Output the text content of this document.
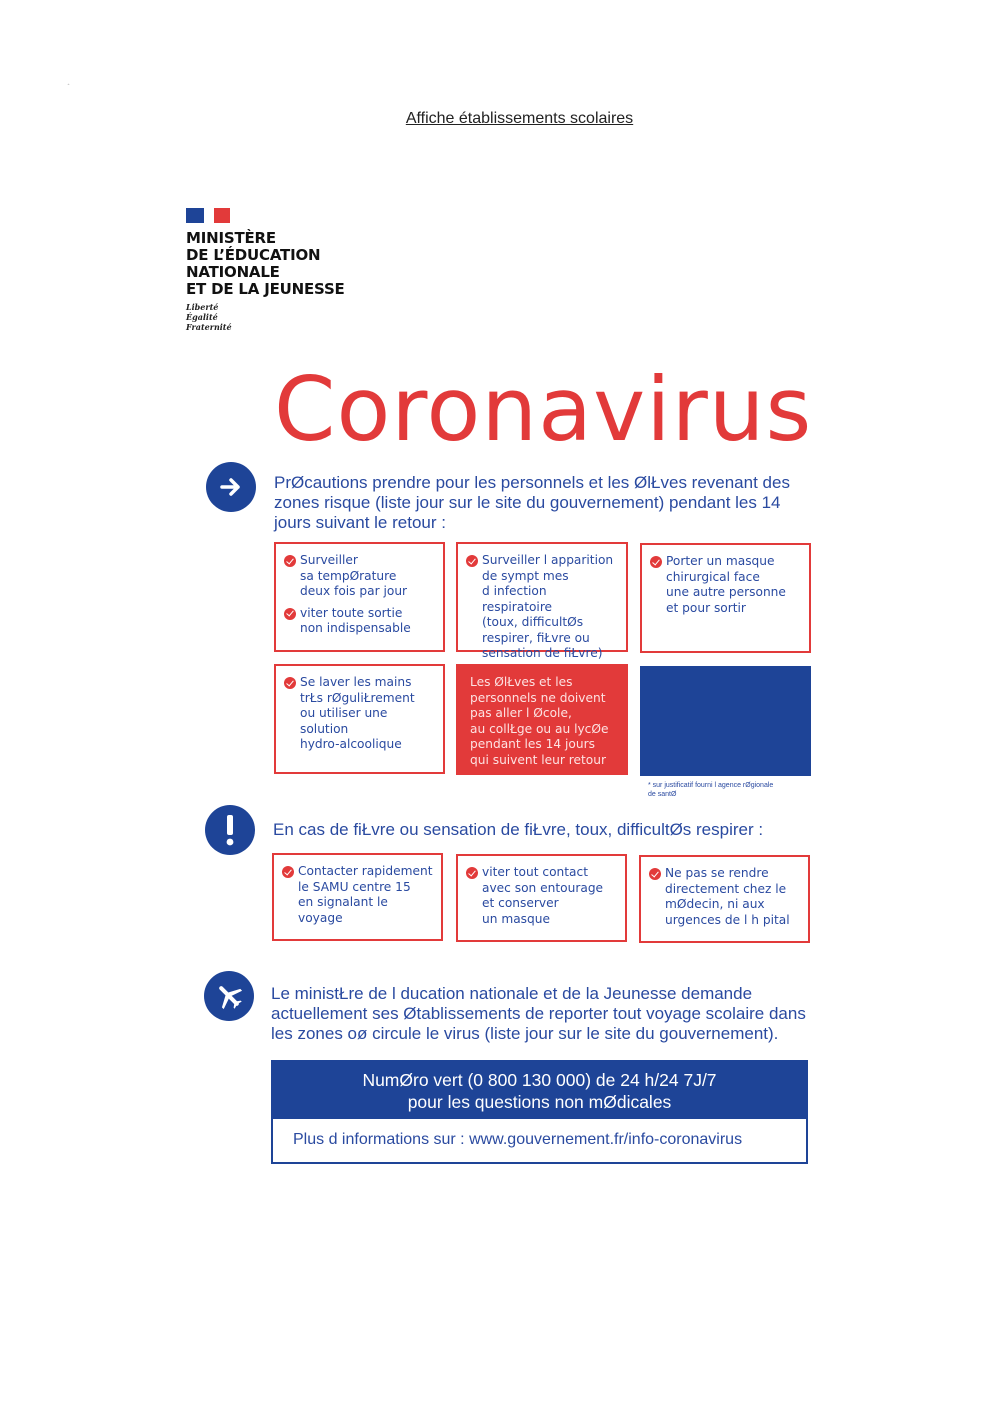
ˆ
Affiche établissements scolaires
MINISTÈRE
DE L’ÉDUCATION
NATIONALE
ET DE LA JEUNESSE
Liberté
Égalité
Fraternité
Coronavirus
PrØcautions prendre pour les personnels et les ØlŁves revenant des zones risque (liste jour sur le site du gouvernement) pendant les 14 jours suivant le retour :
Surveiller
sa tempØrature
deux fois par jour
viter toute sortie
non indispensable
Surveiller l apparition
de sympt mes
d infection respiratoire
(toux, difficultØs
respirer, fiŁvre ou
sensation de fiŁvre)
Porter un masque
chirurgical face
une autre personne
et pour sortir
Se laver les mains
trŁs rØguliŁrement
ou utiliser une
solution
hydro-alcoolique
Les ØlŁves et les
personnels ne doivent
pas aller l Øcole,
au collŁge ou au lycØe
pendant les 14 jours
qui suivent leur retour
* sur justificatif fourni l agence rØgionale
de santØ
En cas de fiŁvre ou sensation de fiŁvre, toux, difficultØs respirer :
Contacter rapidement
le SAMU centre 15
en signalant le voyage
viter tout contact
avec son entourage
et conserver
un masque
Ne pas se rendre
directement chez le
mØdecin, ni aux
urgences de l h pital
Le ministŁre de l ducation nationale et de la Jeunesse demande actuellement ses Øtablissements de reporter tout voyage scolaire dans les zones oø circule le virus (liste jour sur le site du gouvernement).
NumØro vert (0 800 130 000) de 24 h/24 7J/7
pour les questions non mØdicales
Plus d informations sur : www.gouvernement.fr/info-coronavirus
